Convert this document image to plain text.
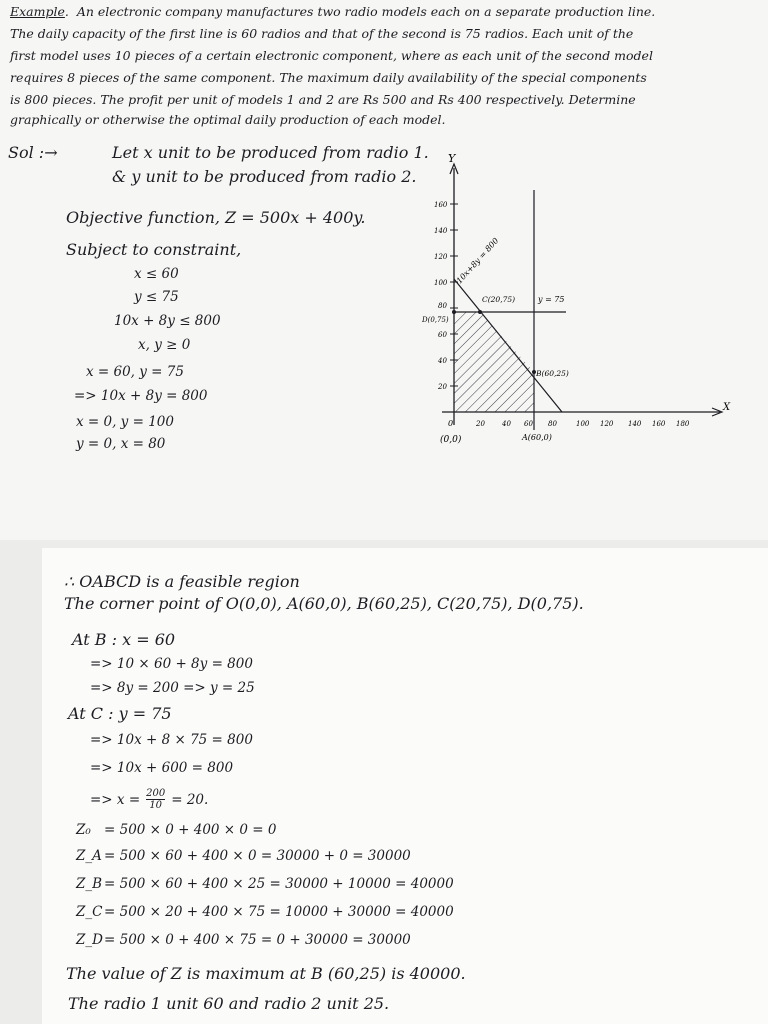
Example.  An electronic company manufactures two radio models each on a separate production line.
The daily capacity of the first line is 60 radios and that of the second is 75 radios. Each unit of the
first model uses 10 pieces of a certain electronic component, where as each unit of the second model
requires 8 pieces of the same component. The maximum daily availability of the special components
is 800 pieces. The profit per unit of models 1 and 2 are Rs 500 and Rs 400 respectively. Determine
graphically or otherwise the optimal daily production of each model.
Sol :→	Let x unit to be produced from radio 1.
& y unit to be produced from radio 2.
Objective function, Z = 500x + 400y.
Subject to constraint,
x ≤ 60
y ≤ 75
10x + 8y ≤ 800
x, y ≥ 0
x = 60, y = 75
=> 10x + 8y = 800
x = 0, y = 100
y = 0, x = 80
Y
X
160
140
120
100
80
60
40
20
0	20 40 60 80	100 120 140 160 180
(0,0)	A(60,0)
B(60,25)
C(20,75)
D(0,75)
y = 75
10x+8y = 800
∴ OABCD is a feasible region
The corner point of O(0,0), A(60,0), B(60,25), C(20,75), D(0,75).
At B : x = 60
=> 10 × 60 + 8y = 800
=> 8y = 200 => y = 25
At C : y = 75
=> 10x + 8 × 75 = 800
=> 10x + 600 = 800
=> $x = \frac{200}{10} = 20$.
Z₀ = 500 × 0 + 400 × 0 = 0
Z_A = 500 × 60 + 400 × 0 = 30000 + 0 = 30000
Z_B = 500 × 60 + 400 × 25 = 30000 + 10000 = 40000
Z_C = 500 × 20 + 400 × 75 = 10000 + 30000 = 40000
Z_D = 500 × 0 + 400 × 75 = 0 + 30000 = 30000
The value of Z is maximum at B (60,25) is 40000.
The radio 1 unit 60 and radio 2 unit 25.
